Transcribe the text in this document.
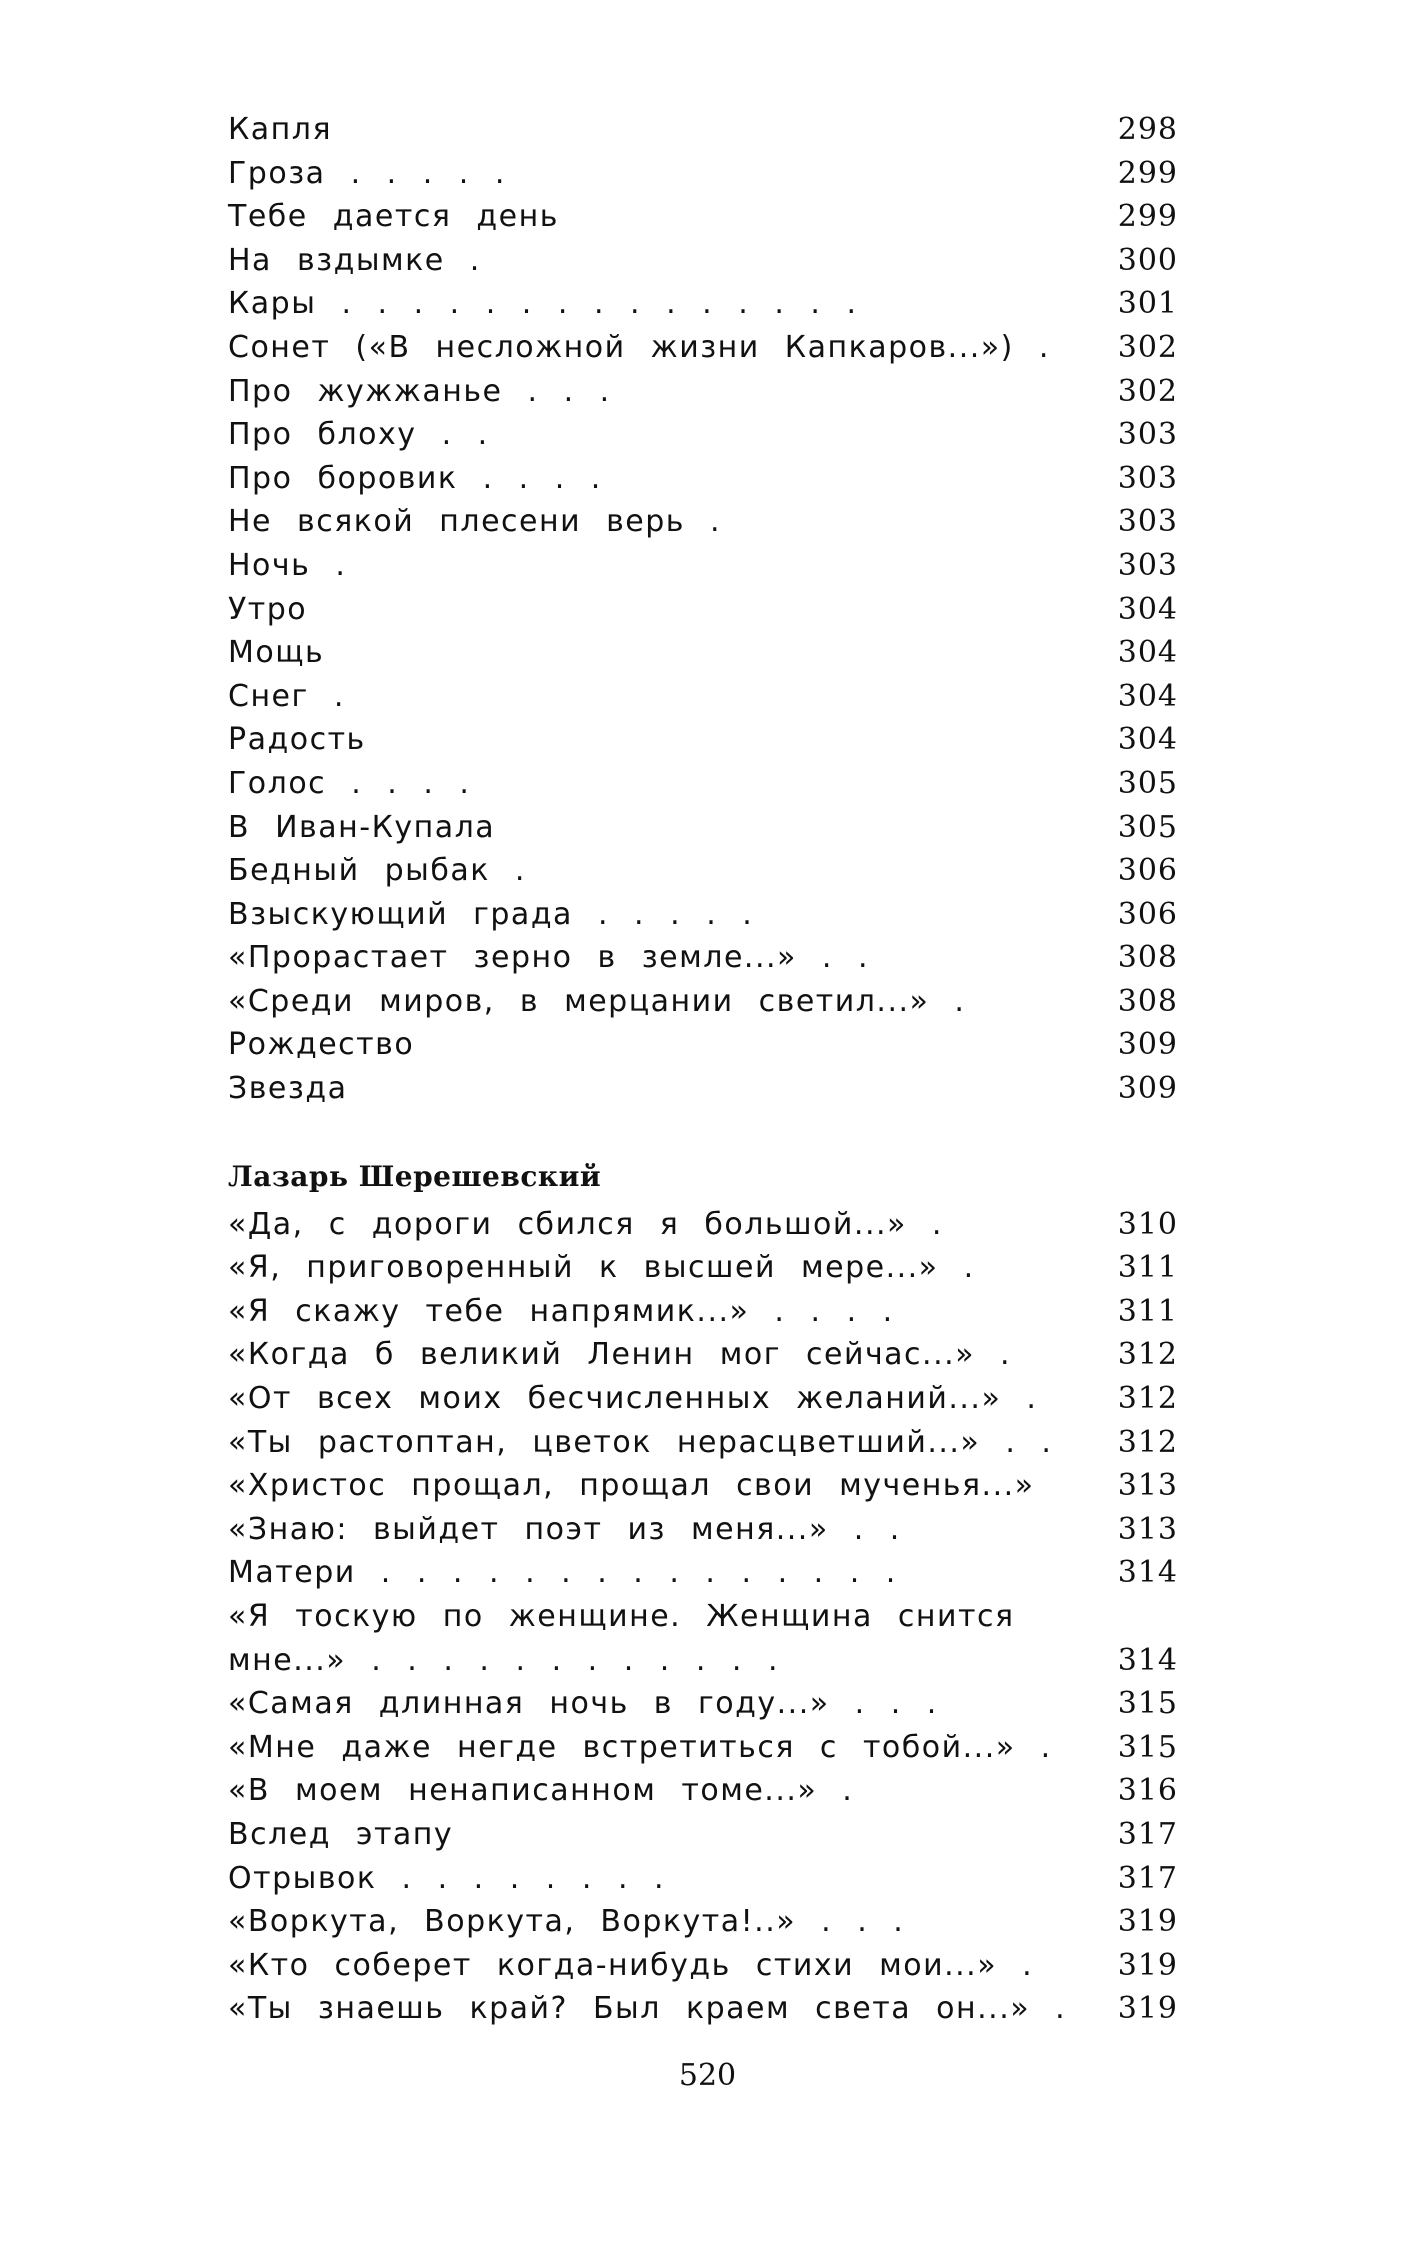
Капля	298
Гроза . . . . .	299
Тебе дается день	299
На вздымке .	300
Кары . . . . . . . . . . . . . . .	301
Сонет («В несложной жизни Капкаров...») . 302
Про жужжанье . . .	302
Про блоху . .	303
Про боровик . . . .	303
Не всякой плесени верь .	303
Ночь .	303
Утро	304
Мощь	304
Снег .	304
Радость	304
Голос . . . .	305
В Иван-Купала	305
Бедный рыбак .	306
Взыскующий града . . . . .	306
«Прорастает зерно в земле...» . .	308
«Среди миров, в мерцании светил...» .	308
Рождество	309
Звезда	309
Лазарь Шерешевский
«Да, с дороги сбился я большой...» .	310
«Я, приговоренный к высшей мере...» .	311
«Я скажу тебе напрямик...» . . . .	311
«Когда б великий Ленин мог сейчас...» .	312
«От всех моих бесчисленных желаний...» .	312
«Ты растоптан, цветок нерасцветший...» . . 312
«Христос прощал, прощал свои мученья...»	313
«Знаю: выйдет поэт из меня...» . .	313
Матери . . . . . . . . . . . . . . .	314
«Я тоскую по женщине. Женщина снится
мне...» . . . . . . . . . . . .	314
«Самая длинная ночь в году...» . . .	315
«Мне даже негде встретиться с тобой...» . 315
«В моем ненаписанном томе...» .	316
Вслед этапу	317
Отрывок . . . . . . . .	317
«Воркута, Воркута, Воркута!..» . . .	319
«Кто соберет когда-нибудь стихи мои...» .	319
«Ты знаешь край? Был краем света он...» . 319
520
